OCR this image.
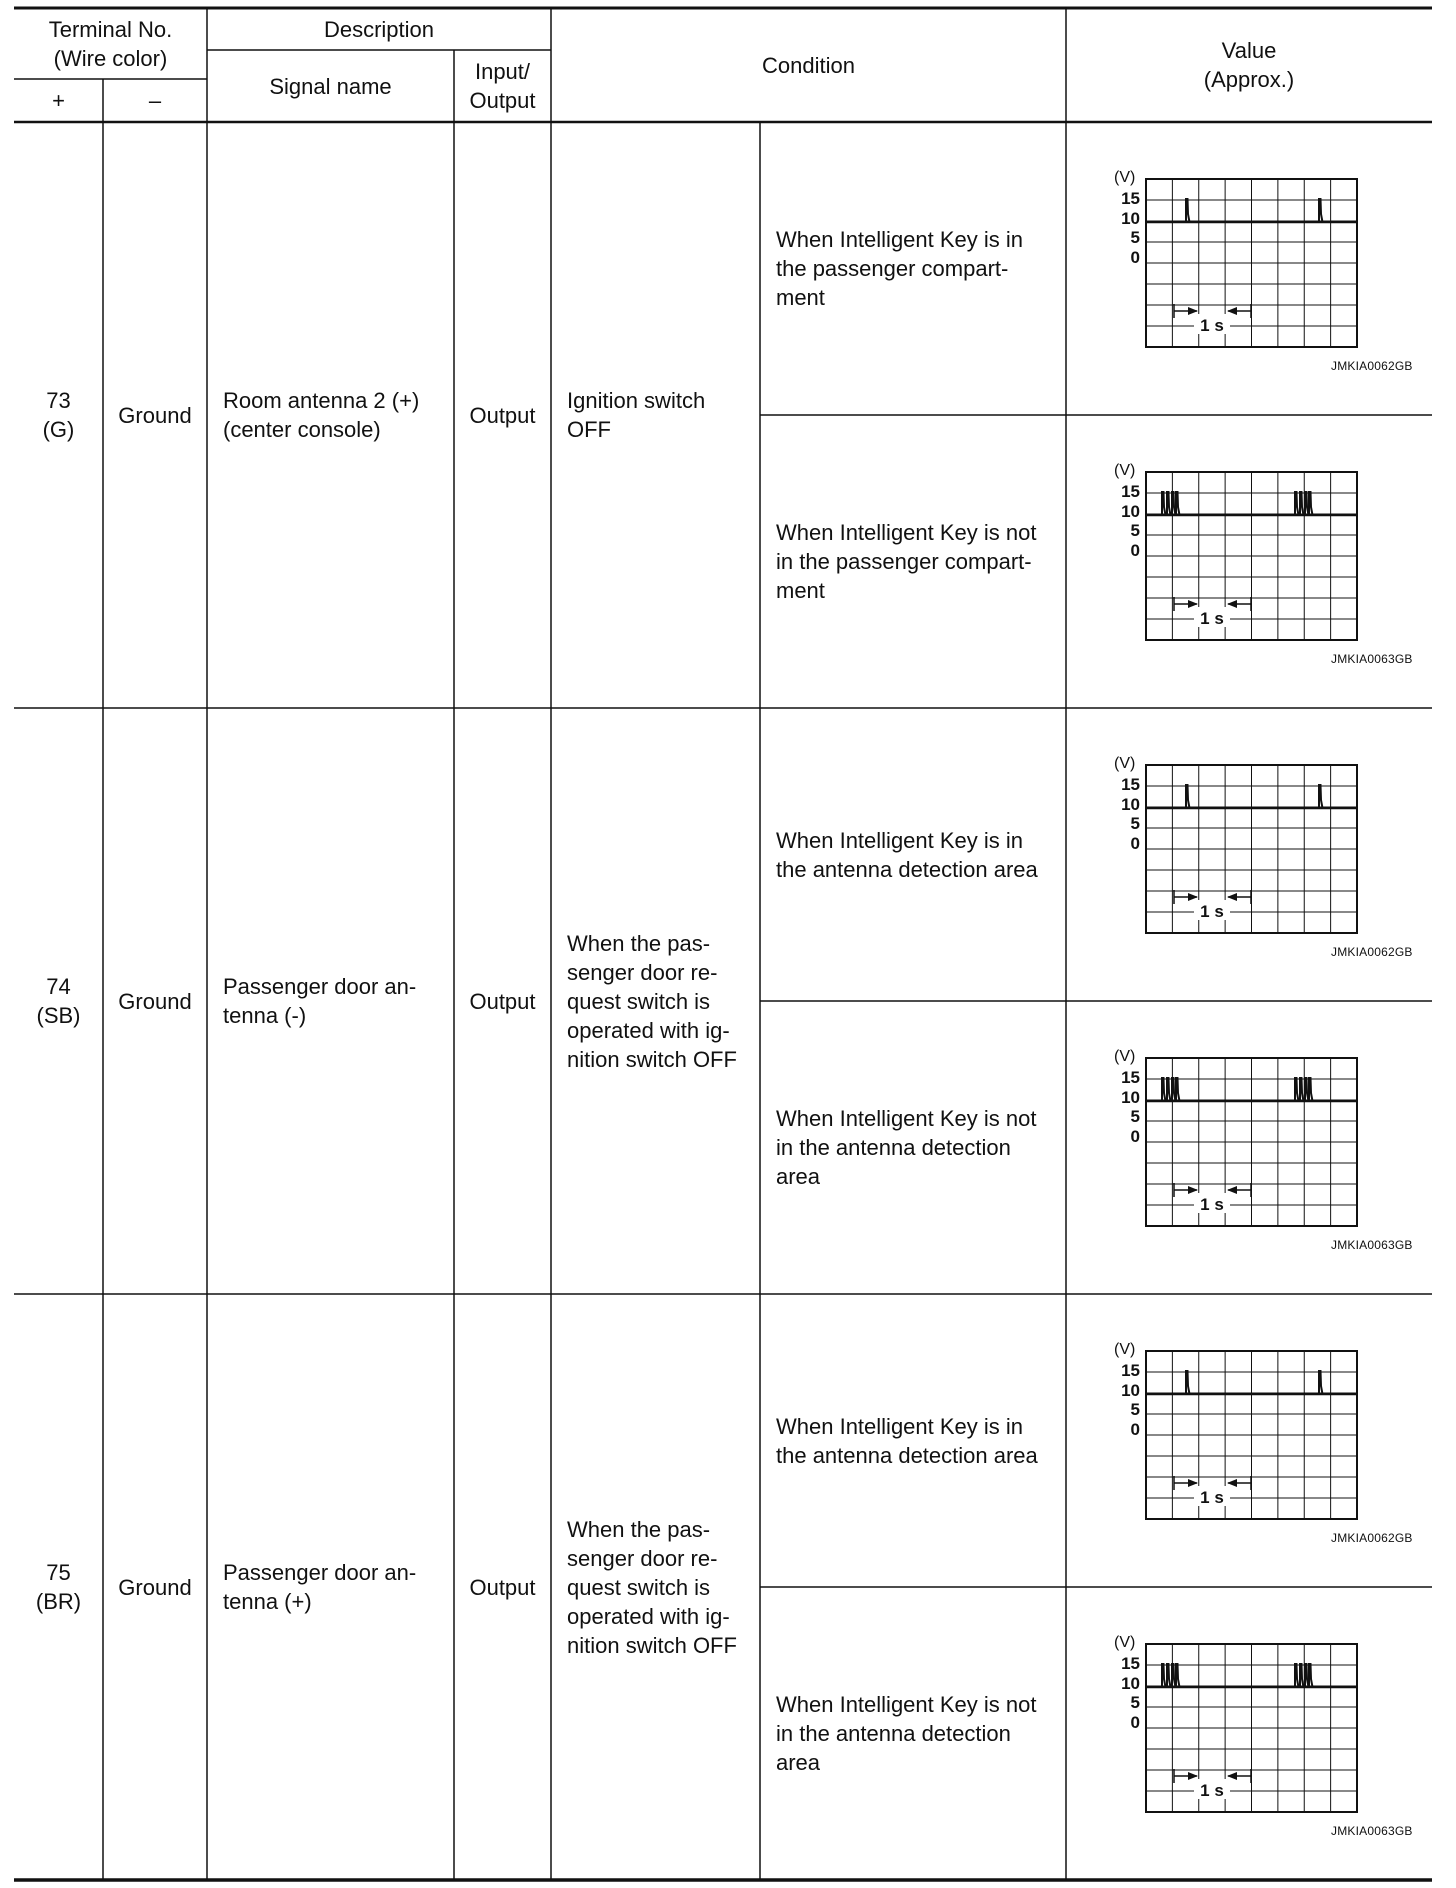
(V)
15
10
5
0
1 s
(V)
15
10
5
0
1 s
(V)
15
10
5
0
1 s
(V)
15
10
5
0
1 s
(V)
15
10
5
0
1 s
(V)
15
10
5
0
1 s
Terminal No.
(Wire color)
+	–
Description
Signal name
Input/
Output
Condition
Value
(Approx.)
73
(G)
Ground
Room antenna 2 (+)
(center console)
Output
Ignition switch
OFF
When Intelligent Key is in
the passenger compart-
ment
JMKIA0062GB
When Intelligent Key is not
in the passenger compart-
ment
JMKIA0063GB
74
(SB)
Ground
Passenger door an-
tenna (-)
Output
When the pas-
senger door re-
quest switch is
operated with ig-
nition switch OFF
When Intelligent Key is in
the antenna detection area
JMKIA0062GB
When Intelligent Key is not
in the antenna detection
area
JMKIA0063GB
75
(BR)
Ground
Passenger door an-
tenna (+)
Output
When the pas-
senger door re-
quest switch is
operated with ig-
nition switch OFF
When Intelligent Key is in
the antenna detection area
JMKIA0062GB
When Intelligent Key is not
in the antenna detection
area
JMKIA0063GB
